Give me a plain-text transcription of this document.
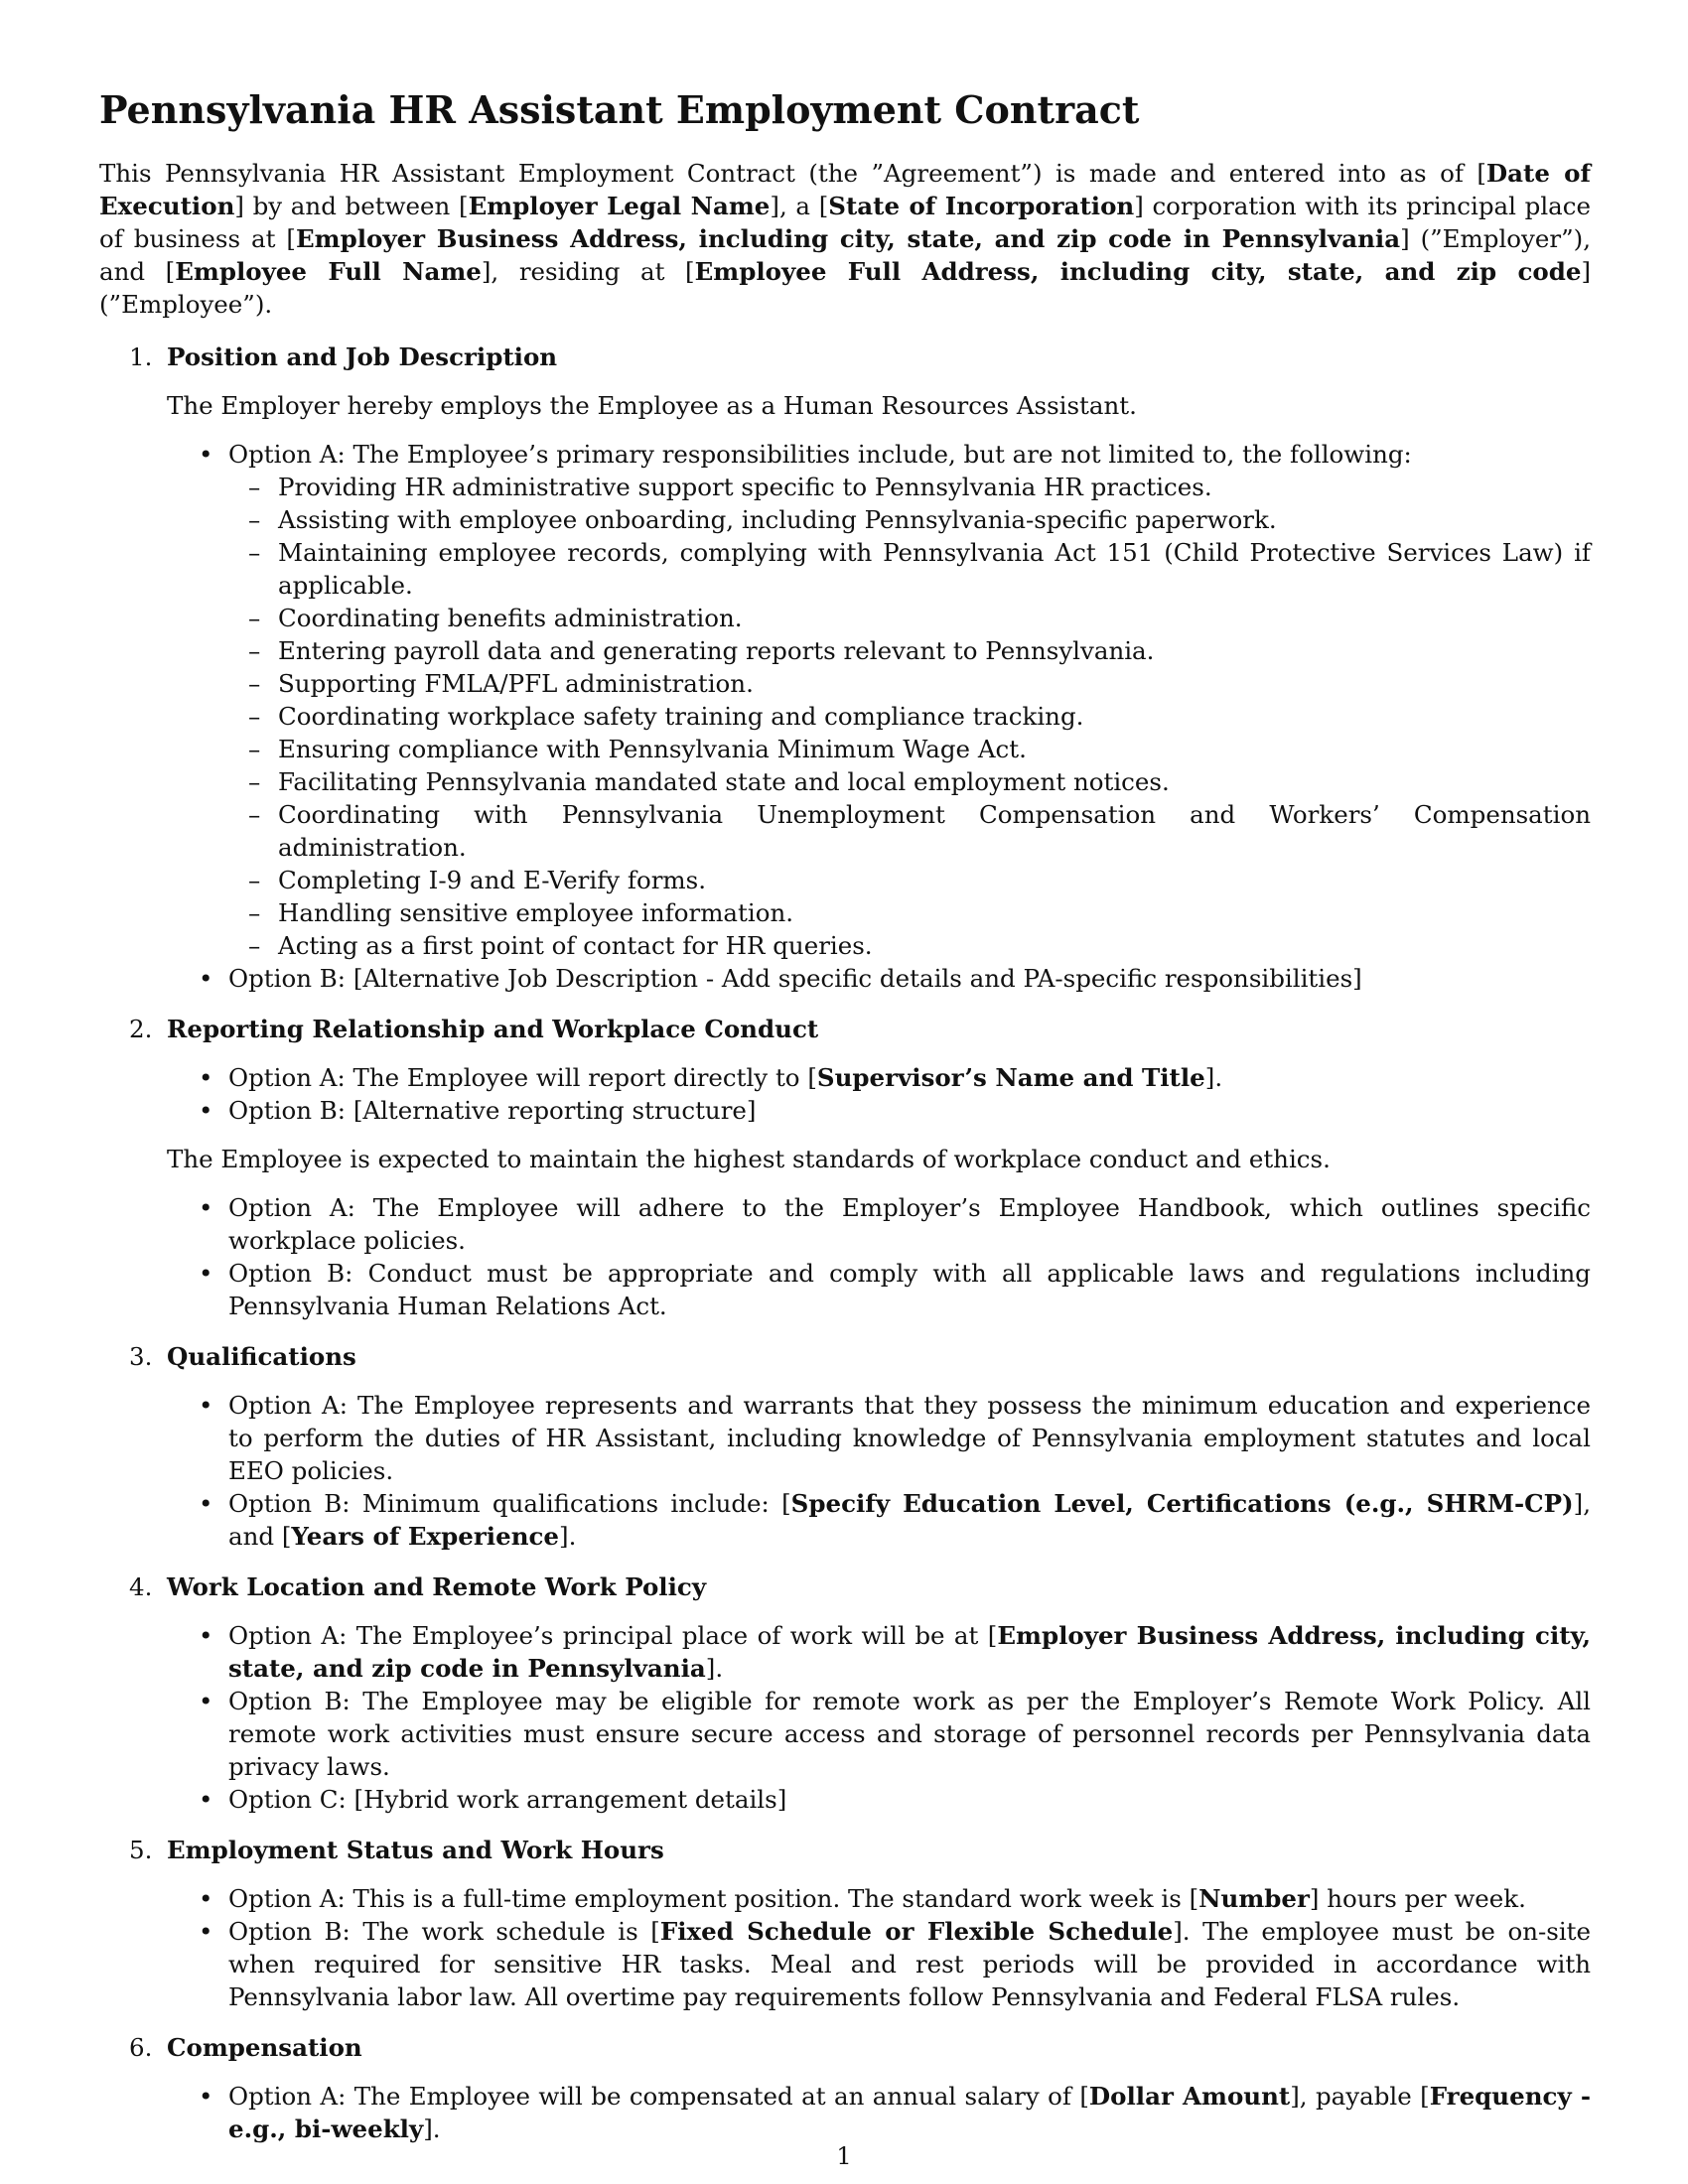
Pennsylvania HR Assistant Employment Contract

This Pennsylvania HR Assistant Employment Contract (the ”Agreement”) is made and entered into as of [Date of Execution] by and between [Employer Legal Name], a [State of Incorporation] corporation with its principal place of business at [Employer Business Address, including city, state, and zip code in Pennsylvania] (”Employer”), and [Employee Full Name], residing at [Employee Full Address, including city, state, and zip code] (”Employee”).

1. Position and Job Description

The Employer hereby employs the Employee as a Human Resources Assistant.

• Option A: The Employee’s primary responsibilities include, but are not limited to, the following:
– Providing HR administrative support specific to Pennsylvania HR practices.
– Assisting with employee onboarding, including Pennsylvania-specific paperwork.
– Maintaining employee records, complying with Pennsylvania Act 151 (Child Protective Services Law) if applicable.
– Coordinating benefits administration.
– Entering payroll data and generating reports relevant to Pennsylvania.
– Supporting FMLA/PFL administration.
– Coordinating workplace safety training and compliance tracking.
– Ensuring compliance with Pennsylvania Minimum Wage Act.
– Facilitating Pennsylvania mandated state and local employment notices.
– Coordinating with Pennsylvania Unemployment Compensation and Workers’ Compensation administration.
– Completing I-9 and E-Verify forms.
– Handling sensitive employee information.
– Acting as a first point of contact for HR queries.
• Option B: [Alternative Job Description - Add specific details and PA-specific responsibilities]
2. Reporting Relationship and Workplace Conduct
• Option A: The Employee will report directly to [Supervisor’s Name and Title].
• Option B: [Alternative reporting structure]

The Employee is expected to maintain the highest standards of workplace conduct and ethics.

• Option A: The Employee will adhere to the Employer’s Employee Handbook, which outlines specific workplace policies.
• Option B: Conduct must be appropriate and comply with all applicable laws and regulations including Pennsylvania Human Relations Act.
3. Qualifications
• Option A: The Employee represents and warrants that they possess the minimum education and experience to perform the duties of HR Assistant, including knowledge of Pennsylvania employment statutes and local EEO policies.
• Option B: Minimum qualifications include: [Specify Education Level, Certifications (e.g., SHRM-CP)], and [Years of Experience].
4. Work Location and Remote Work Policy
• Option A: The Employee’s principal place of work will be at [Employer Business Address, including city, state, and zip code in Pennsylvania].
• Option B: The Employee may be eligible for remote work as per the Employer’s Remote Work Policy. All remote work activities must ensure secure access and storage of personnel records per Pennsylvania data privacy laws.
• Option C: [Hybrid work arrangement details]
5. Employment Status and Work Hours
• Option A: This is a full-time employment position. The standard work week is [Number] hours per week.
• Option B: The work schedule is [Fixed Schedule or Flexible Schedule]. The employee must be on-site when required for sensitive HR tasks. Meal and rest periods will be provided in accordance with Pennsylvania labor law. All overtime pay requirements follow Pennsylvania and Federal FLSA rules.
6. Compensation
• Option A: The Employee will be compensated at an annual salary of [Dollar Amount], payable [Frequency - e.g., bi-weekly].
1
